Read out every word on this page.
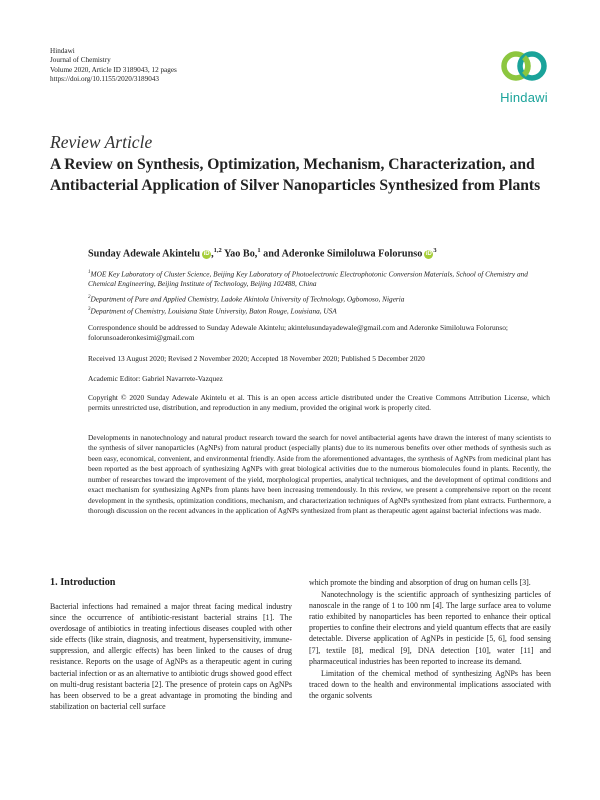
Hindawi
Journal of Chemistry
Volume 2020, Article ID 3189043, 12 pages
https://doi.org/10.1155/2020/3189043
Hindawi
Review Article
A Review on Synthesis, Optimization, Mechanism, Characterization, and Antibacterial Application of Silver Nanoparticles Synthesized from Plants
Sunday Adewale Akintelu iD ,$^{1,2}$ Yao Bo,$^1$ and Aderonke Similoluwa Folorunso $iD^3$
$^1$MOE Key Laboratory of Cluster Science, Beijing Key Laboratory of Photoelectronic Electrophotonic Conversion Materials, School of Chemistry and Chemical Engineering, Beijing Institute of Technology, Beijing 102488, China
$^2$Department of Pure and Applied Chemistry, Ladoke Akintola University of Technology, Ogbomoso, Nigeria
$^3$Department of Chemistry, Louisiana State University, Baton Rouge, Louisiana, USA
Correspondence should be addressed to Sunday Adewale Akintelu; akintelusundayadewale@gmail.com and Aderonke Similoluwa Folorunso; folorunsoaderonkesimi@gmail.com
Received 13 August 2020; Revised 2 November 2020; Accepted 18 November 2020; Published 5 December 2020
Academic Editor: Gabriel Navarrete-Vazquez
Copyright © 2020 Sunday Adewale Akintelu et al. This is an open access article distributed under the Creative Commons Attribution License, which permits unrestricted use, distribution, and reproduction in any medium, provided the original work is properly cited.
Developments in nanotechnology and natural product research toward the search for novel antibacterial agents have drawn the interest of many scientists to the synthesis of silver nanoparticles (AgNPs) from natural product (especially plants) due to its numerous benefits over other methods of synthesis such as been easy, economical, convenient, and environmental friendly. Aside from the aforementioned advantages, the synthesis of AgNPs from medicinal plant has been reported as the best approach of synthesizing AgNPs with great biological activities due to the numerous biomolecules found in plants. Recently, the number of researches toward the improvement of the yield, morphological properties, analytical techniques, and the development of optimal conditions and exact mechanism for synthesizing AgNPs from plants have been increasing tremendously. In this review, we present a comprehensive report on the recent development in the synthesis, optimization conditions, mechanism, and characterization techniques of AgNPs synthesized from plant extracts. Furthermore, a thorough discussion on the recent advances in the application of AgNPs synthesized from plant as therapeutic agent against bacterial infections was made.
1. Introduction

Bacterial infections had remained a major threat facing medical industry since the occurrence of antibiotic-resistant bacterial strains [1]. The overdosage of antibiotics in treating infectious diseases coupled with other side effects (like strain, diagnosis, and treatment, hypersensitivity, immune-suppression, and allergic effects) has been linked to the causes of drug resistance. Reports on the usage of AgNPs as a therapeutic agent in curing bacterial infection or as an alternative to antibiotic drugs showed good effect on multi-drug resistant bacteria [2]. The presence of protein caps on AgNPs has been observed to be a great advantage in promoting the binding and stabilization on bacterial cell surface

which promote the binding and absorption of drug on human cells [3].

Nanotechnology is the scientific approach of synthesizing particles of nanoscale in the range of 1 to 100 nm [4]. The large surface area to volume ratio exhibited by nanoparticles has been reported to enhance their optical properties to confine their electrons and yield quantum effects that are easily detectable. Diverse application of AgNPs in pesticide [5, 6], food sensing [7], textile [8], medical [9], DNA detection [10], water [11] and pharmaceutical industries has been reported to increase its demand.

Limitation of the chemical method of synthesizing AgNPs has been traced down to the health and environmental implications associated with the organic solvents
